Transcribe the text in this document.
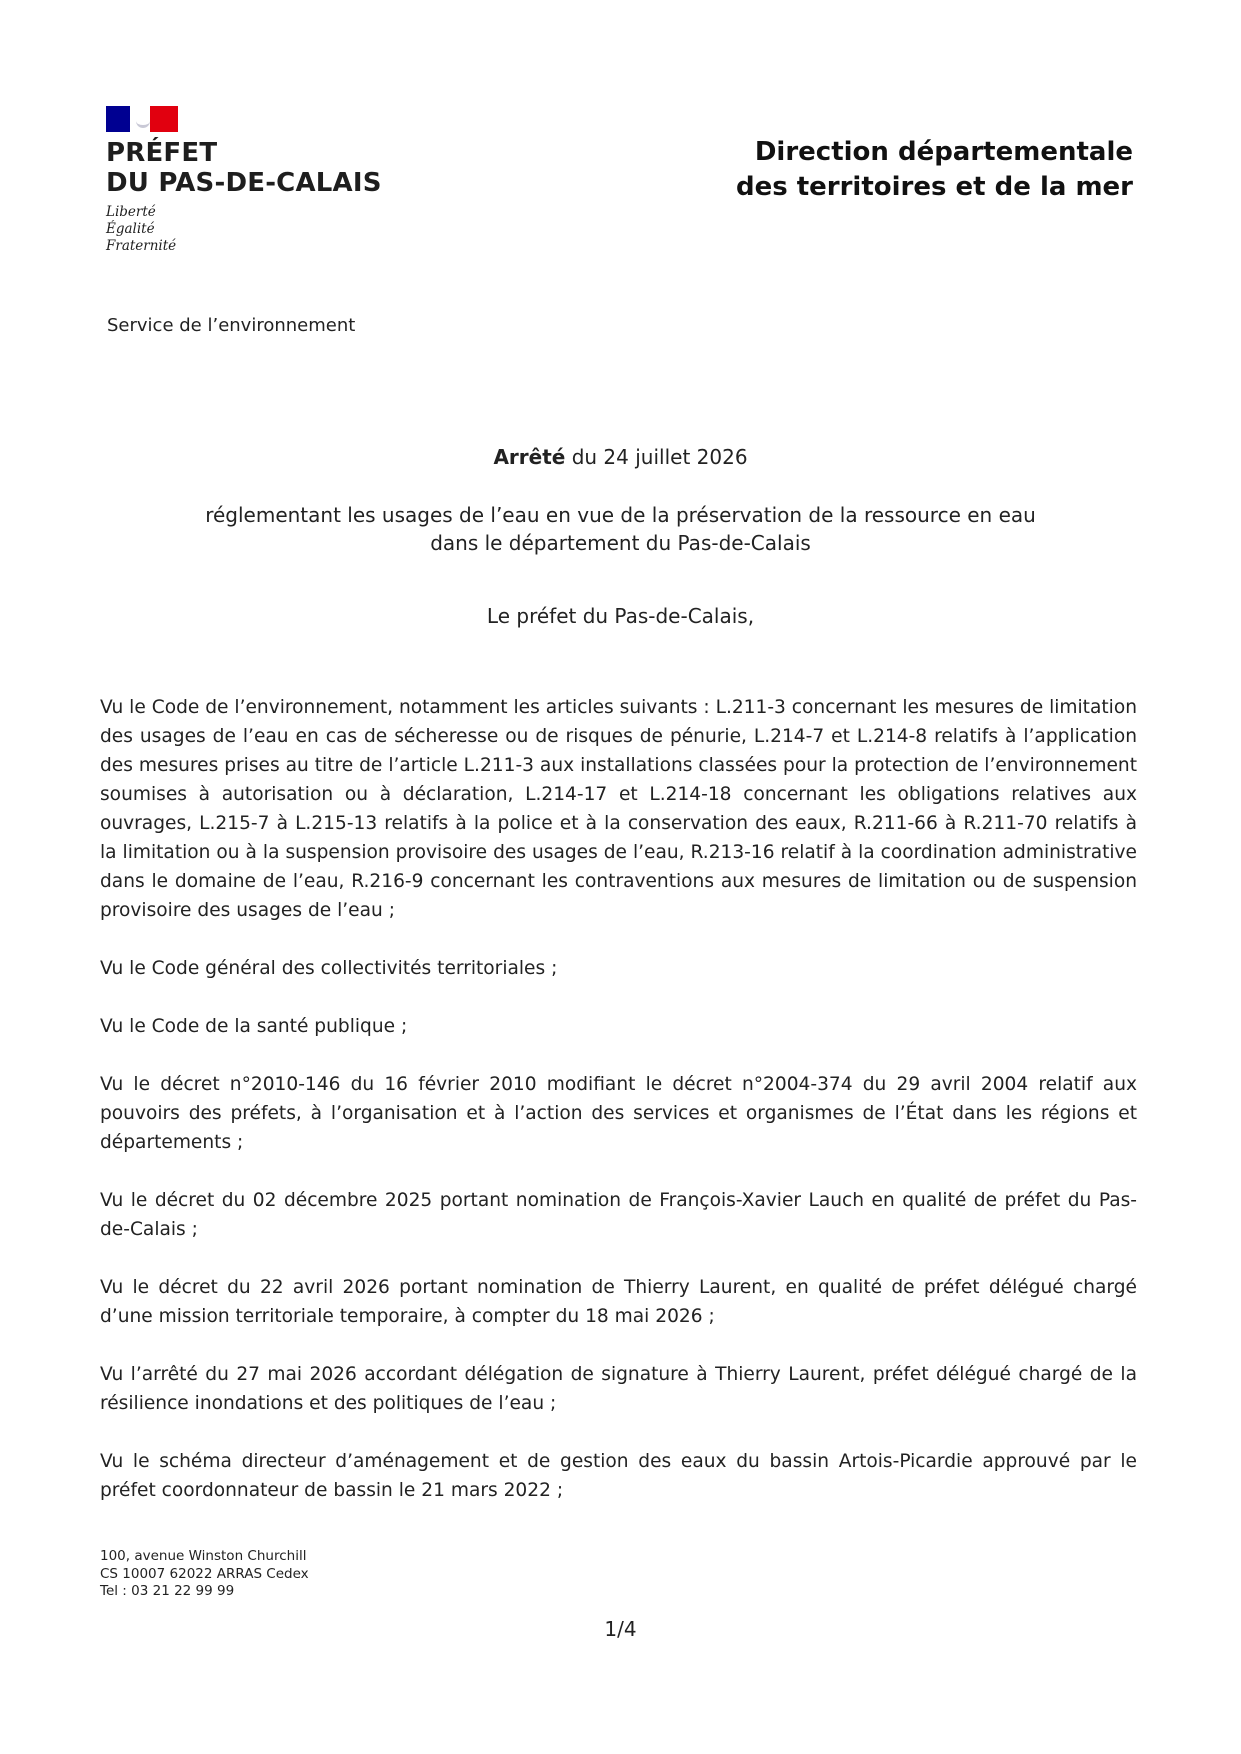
PRÉFET
DU PAS-DE-CALAIS
Liberté
Égalité
Fraternité
Direction départementale
des territoires et de la mer
Service de l’environnement
Arrêté du 24 juillet 2026
réglementant les usages de l’eau en vue de la préservation de la ressource en eau dans le département du Pas-de-Calais
Le préfet du Pas-de-Calais,

Vu le Code de l’environnement, notamment les articles suivants : L.211-3 concernant les mesures de limitation des usages de l’eau en cas de sécheresse ou de risques de pénurie, L.214-7 et L.214-8 relatifs à l’application des mesures prises au titre de l’article L.211-3 aux installations classées pour la protection de l’environnement soumises à autorisation ou à déclaration, L.214-17 et L.214-18 concernant les obligations relatives aux ouvrages, L.215-7 à L.215-13 relatifs à la police et à la conservation des eaux, R.211-66 à R.211-70 relatifs à la limitation ou à la suspension provisoire des usages de l’eau, R.213-16 relatif à la coordination administrative dans le domaine de l’eau, R.216-9 concernant les contraventions aux mesures de limitation ou de suspension provisoire des usages de l’eau ;

Vu le Code général des collectivités territoriales ;

Vu le Code de la santé publique ;

Vu le décret n°2010-146 du 16 février 2010 modifiant le décret n°2004-374 du 29 avril 2004 relatif aux pouvoirs des préfets, à l’organisation et à l’action des services et organismes de l’État dans les régions et départements ;

Vu le décret du 02 décembre 2025 portant nomination de François-Xavier Lauch en qualité de préfet du Pas-de-Calais ;

Vu le décret du 22 avril 2026 portant nomination de Thierry Laurent, en qualité de préfet délégué chargé d’une mission territoriale temporaire, à compter du 18 mai 2026 ;

Vu l’arrêté du 27 mai 2026 accordant délégation de signature à Thierry Laurent, préfet délégué chargé de la résilience inondations et des politiques de l’eau ;

Vu le schéma directeur d’aménagement et de gestion des eaux du bassin Artois-Picardie approuvé par le préfet coordonnateur de bassin le 21 mars 2022 ;

100, avenue Winston Churchill
CS 10007 62022 ARRAS Cedex
Tel : 03 21 22 99 99
1/4
